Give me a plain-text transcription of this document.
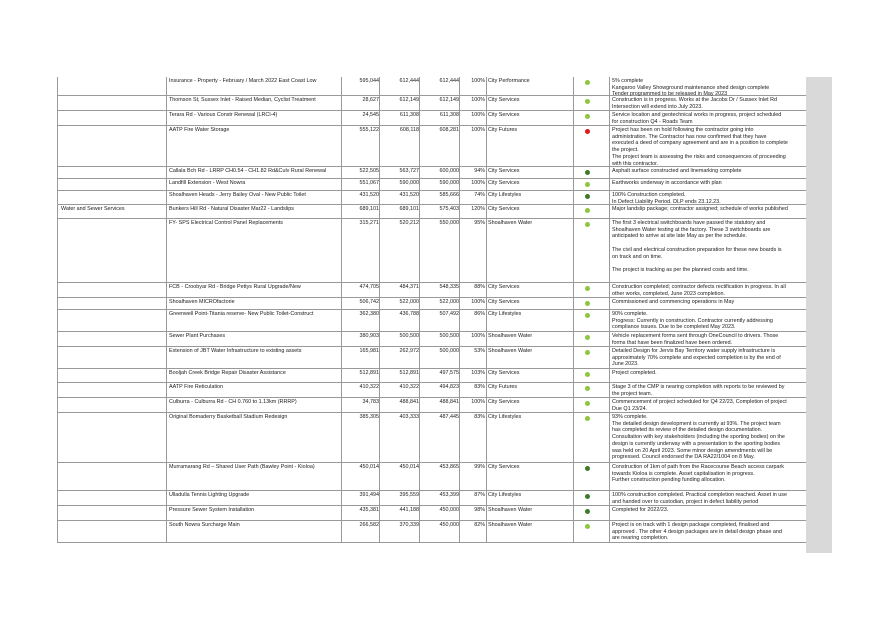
Insurance - Property - February / March 2022 East Coast Low	595,044	612,444	612,444	100% City Performance	5% complete
Kangaroo Valley Showground maintenance shed design complete
Tender programmed to be released in May 2023
Thomson St, Sussex Inlet - Raised Median, Cyclist Treatment	28,627	612,149	612,149	100% City Services	Construction is in progress. Works at the Jacobs Dr / Sussex Inlet Rd
Intersection will extend into July 2023.
Terara Rd - Various Constr Renewal (LRCI-4)	24,545	611,308	611,308	100% City Services	Service location and geotechnical works in progress, project scheduled
for construction Q4 - Roads Team
AATP Fire Water Storage	555,122	608,118	608,281	100% City Futures	Project has been on hold following the contractor going into
administration. The Contractor has now confirmed that they have
executed a deed of company agreement and are in a position to complete
the project.
The project team is assessing the risks and consequences of proceeding
with this contractor.
Callala Bch Rd - LRRP CH0.54 - CH1.82 Rd&Culv Rural Renewal	522,505	563,727	600,000	94% City Services	Asphalt surface constructed and linemarking complete
Landfill Extension - West Nowra	551,067	590,000	590,000	100% City Services	Earthworks underway in accordance with plan
Shoalhaven Heads - Jerry Bailey Oval - New Public Toilet	431,520	431,520	585,666	74% City Lifestyles	100% Construction completed.
In Defect Liability Period. DLP ends 23.12.23.
Water and Sewer Services	Bunkers Hill Rd - Natural Disaster Mar22 - Landslips	689,101	689,101	575,403	120% City Services	Major landslip package; contractor assigned; schedule of works published
FY- SPS Electrical Control Panel Replacements	315,271	520,212	550,000	95% Shoalhaven Water	The first 3 electrical switchboards have passed the statutory and
Shoalhaven Water testing at the factory. These 3 switchboards are
anticipated to arrive at site late May as per the schedule.
The civil and electrical construction preparation for these new boards is
on track and on time.
The project is tracking as per the planned costs and time.
FCB - Croobyar Rd - Bridge Pettys Rural Upgrade/New	474,705	484,371	548,335	88% City Services	Construction completed; contractor defects rectification in progress. In all
other works, completed, June 2023 completion.
Shoalhaven MICROfactorie	506,742	522,000	522,000	100% City Services	Commissioned and commencing operations in May
Greenwell Point-Titania reserve- New Public Toilet-Construct	362,380	436,788	507,492	86% City Lifestyles	90% complete.
Progress: Currently in construction. Contractor currently addressing
compliance issues. Due to be completed May 2023.
Sewer Plant Purchases	380,903	500,500	500,500	100% Shoalhaven Water	Vehicle replacement forms sent through OneCouncil to drivers. Those
forms that have been finalized have been ordered.
Extension of JBT Water Infrastructure to existing assets	165,981	262,972	500,000	53% Shoalhaven Water	Detailed Design for Jervis Bay Territory water supply infrastructure is
approximately 70% complete and expected completion is by the end of
June 2023.
Booljah Creek Bridge Repair Disaster Assistance	512,891	512,891	497,575	103% City Services	Project completed.
AATP Fire Reticulation	410,322	410,322	494,823	83% City Futures	Stage 3 of the CMP is nearing completion with reports to be reviewed by
the project team.
Culburra - Culburra Rd - CH 0.760 to 1.13km (RRRP)	34,783	488,841	488,841	100% City Services	Commencement of project scheduled for Q4 22/23, Completion of project
Due Q1 23/24.
Original Bomaderry Basketball Stadium Redesign	385,305	403,333	487,445	83% City Lifestyles	93% complete.
The detailed design development is currently at 93%. The project team
has completed its review of the detailed design documentation.
Consultation with key stakeholders (including the sporting bodies) on the
design is currently underway with a presentation to the sporting bodies
was held on 20 April 2023. Some minor design amendments will be
progressed. Council endorsed the DA RA22/1004 on 8 May.
Murramarang Rd – Shared User Path (Bawley Point - Kioloa)	450,014	450,014	453,865	99% City Services	Construction of 1km of path from the Racecourse Beach access carpark
towards Kioloa is complete. Asset capitalisation in progress.
Further construction pending funding allocation.
Ulladulla Tennis Lighting Upgrade	391,494	395,559	453,399	87% City Lifestyles	100% construction completed. Practical completion reached. Asset in use
and handed over to custodian, project in defect liability period
Pressure Sewer System Installation	435,381	441,188	450,000	98% Shoalhaven Water	Completed for 2022/23.
South Nowra Surcharge Main	266,582	370,339	450,000	82% Shoalhaven Water	Project is on track with 1 design package completed, finalised and
approved . The other 4 design packages are in detail design phase and
are nearing completion.
